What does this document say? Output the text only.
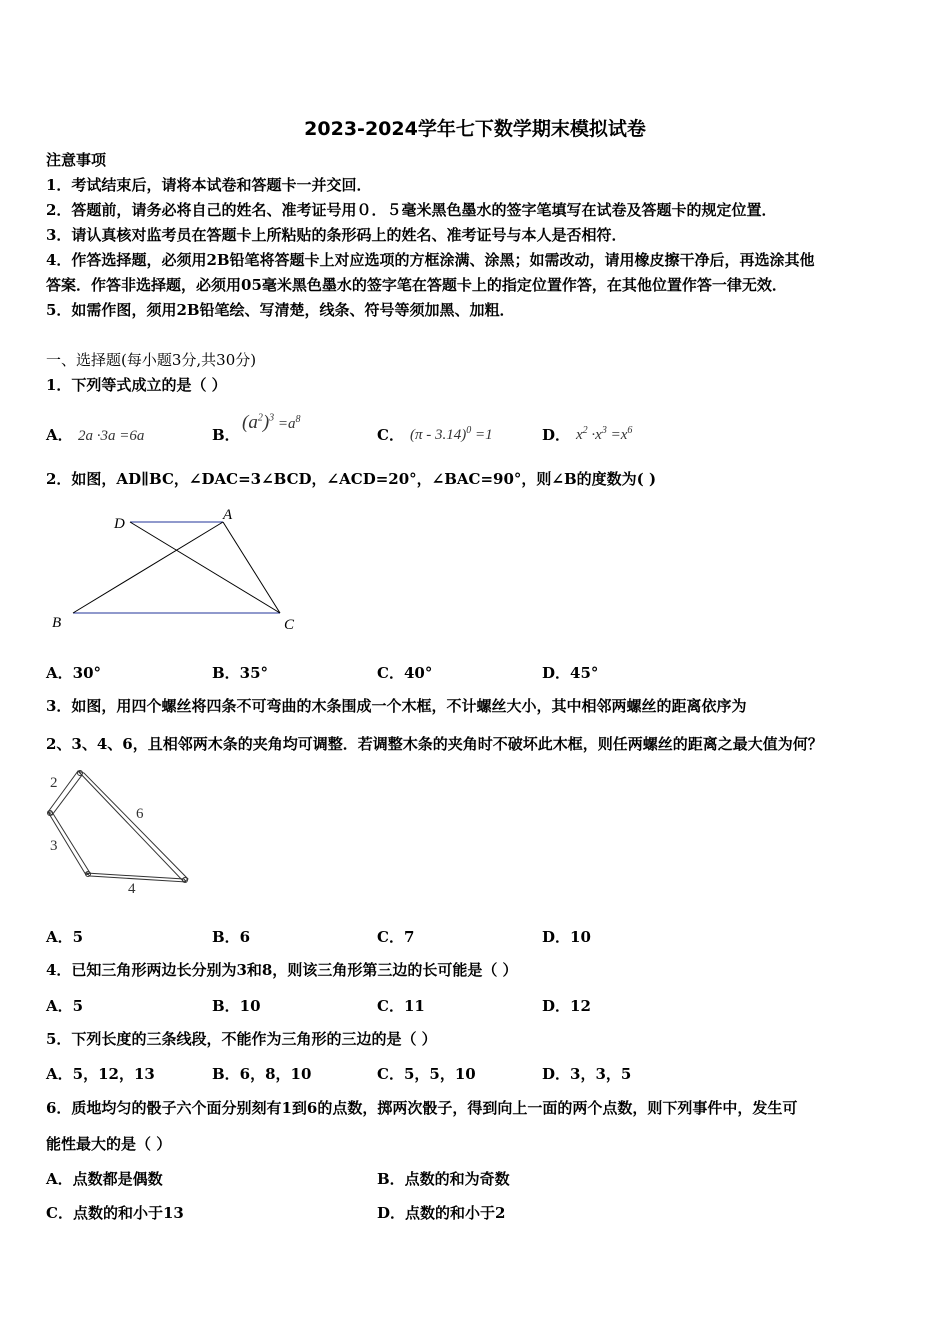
2023-2024学年七下数学期末模拟试卷
注意事项
1．考试结束后，请将本试卷和答题卡一并交回．
2．答题前，请务必将自己的姓名、准考证号用０．５毫米黑色墨水的签字笔填写在试卷及答题卡的规定位置．
3．请认真核对监考员在答题卡上所粘贴的条形码上的姓名、准考证号与本人是否相符．
4．作答选择题，必须用2B铅笔将答题卡上对应选项的方框涂满、涂黑；如需改动，请用橡皮擦干净后，再选涂其他
答案．作答非选择题，必须用05毫米黑色墨水的签字笔在答题卡上的指定位置作答，在其他位置作答一律无效．
5．如需作图，须用2B铅笔绘、写清楚，线条、符号等须加黑、加粗．
一、选择题(每小题3分,共30分)
1．下列等式成立的是（ ）
A． 2a ·3a =6a	B．
$(a^2)^3 =a^8$
C． (π - 3.14)$^0$ =1	D． $x^2 \cdot x^3 =x^6$
2．如图，AD∥BC，∠DAC=3∠BCD，∠ACD=20°，∠BAC=90°，则∠B的度数为( )
D
A
B	C
A．30°	B．35°	C．40°	D．45°
3．如图，用四个螺丝将四条不可弯曲的木条围成一个木框，不计螺丝大小，其中相邻两螺丝的距离依序为
2、3、4、6，且相邻两木条的夹角均可调整．若调整木条的夹角时不破坏此木框，则任两螺丝的距离之最大值为何？
2
6
3
4
A．5	B．6	C．7	D．10
4．已知三角形两边长分别为3和8，则该三角形第三边的长可能是（ ）
A．5	B．10	C．11	D．12
5．下列长度的三条线段，不能作为三角形的三边的是（ ）
A．5，12，13	B．6，8，10	C．5，5，10	D．3，3，5
6．质地均匀的骰子六个面分别刻有1到6的点数，掷两次骰子，得到向上一面的两个点数，则下列事件中，发生可
能性最大的是（ ）
A．点数都是偶数	B．点数的和为奇数
C．点数的和小于13	D．点数的和小于2
